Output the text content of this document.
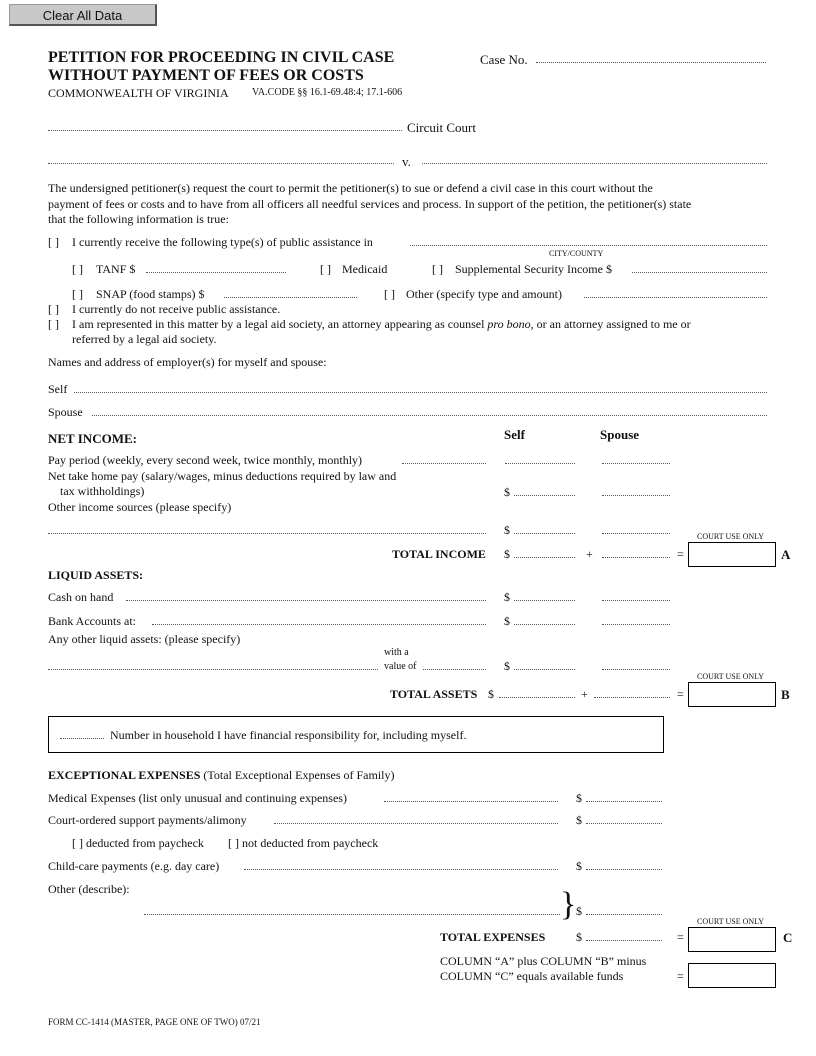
Clear All Data
PETITION FOR PROCEEDING IN CIVIL CASE
WITHOUT PAYMENT OF FEES OR COSTS
COMMONWEALTH OF VIRGINIA VA.CODE §§ 16.1-69.48:4; 17.1-606
Case No.
Circuit Court
v.
The undersigned petitioner(s) request the court to permit the petitioner(s) to sue or defend a civil case in this court without the
payment of fees or costs and to have from all officers all needful services and process. In support of the petition, the petitioner(s) state
that the following information is true:
[ ] I currently receive the following type(s) of public assistance in
CITY/COUNTY
[ ] TANF $	[ ] Medicaid	[ ] Supplemental Security Income $
[ ] SNAP (food stamps) $	[ ] Other (specify type and amount)
[ ] I currently do not receive public assistance.
[ ] I am represented in this matter by a legal aid society, an attorney appearing as counsel pro bono, or an attorney assigned to me or
referred by a legal aid society.
Names and address of employer(s) for myself and spouse:
Self
Spouse
NET INCOME:	Self	Spouse
Pay period (weekly, every second week, twice monthly, monthly)
Net take home pay (salary/wages, minus deductions required by law and
tax withholdings)	$
Other income sources (please specify)
$	COURT USE ONLY
TOTAL INCOME $	+	=	A
LIQUID ASSETS:
Cash on hand	$
Bank Accounts at:	$
Any other liquid assets: (please specify)
with a
value of	$
COURT USE ONLY
TOTAL ASSETS $	+	=	B
Number in household I have financial responsibility for, including myself.
EXCEPTIONAL EXPENSES (Total Exceptional Expenses of Family)
Medical Expenses (list only unusual and continuing expenses)	$
Court-ordered support payments/alimony	$
[ ] deducted from paycheck [ ] not deducted from paycheck
Child-care payments (e.g. day care)	$
Other (describe):	} $
COURT USE ONLY
TOTAL EXPENSES	$	=	C
COLUMN “A” plus COLUMN “B” minus
COLUMN “C” equals available funds	=
FORM CC-1414 (MASTER, PAGE ONE OF TWO) 07/21
